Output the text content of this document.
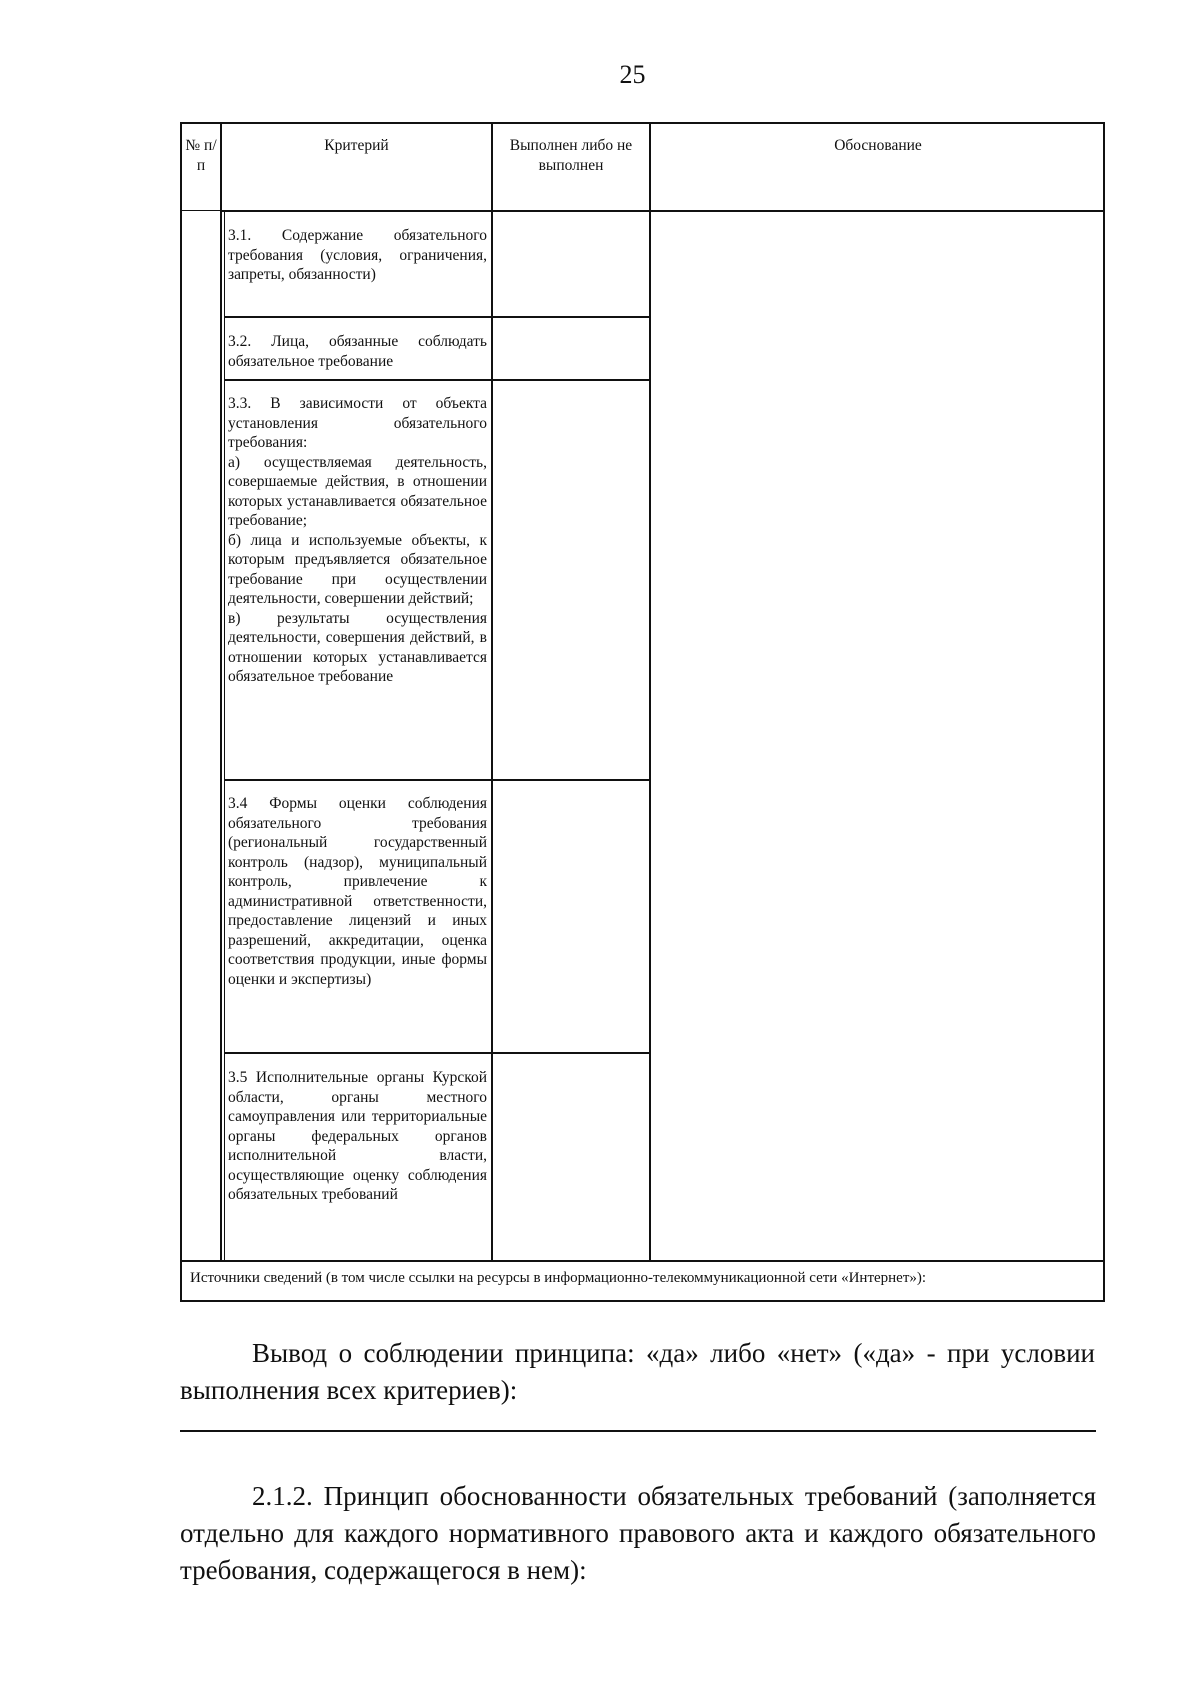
25
№ п/п
Критерий	Выполнен либо не выполнен
Обоснование
3.1. Содержание обязательного требования (условия, ограничения, запреты, обязанности)
3.2. Лица, обязанные соблюдать обязательное требование

3.3. В зависимости от объекта установления обязательного требования:

а) осуществляемая деятельность, совершаемые действия, в отношении которых устанавливается обязательное требование;

б) лица и используемые объекты, к которым предъявляется обязательное требование при осуществлении деятельности, совершении действий;

в) результаты осуществления деятельности, совершения действий, в отношении которых устанавливается обязательное требование

3.4 Формы оценки соблюдения обязательного требования (региональный государственный контроль (надзор), муниципальный контроль, привлечение к административной ответственности, предоставление лицензий и иных разрешений, аккредитации, оценка соответствия продукции, иные формы оценки и экспертизы)
3.5 Исполнительные органы Курской области, органы местного самоуправления или территориальные органы федеральных органов исполнительной власти, осуществляющие оценку соблюдения обязательных требований
Источники сведений (в том числе ссылки на ресурсы в информационно-телекоммуникационной сети «Интернет»):
Вывод о соблюдении принципа: «да» либо «нет» («да» - при условии выполнения всех критериев):
2.1.2. Принцип обоснованности обязательных требований (заполняется отдельно для каждого нормативного правового акта и каждого обязательного требования, содержащегося в нем):
